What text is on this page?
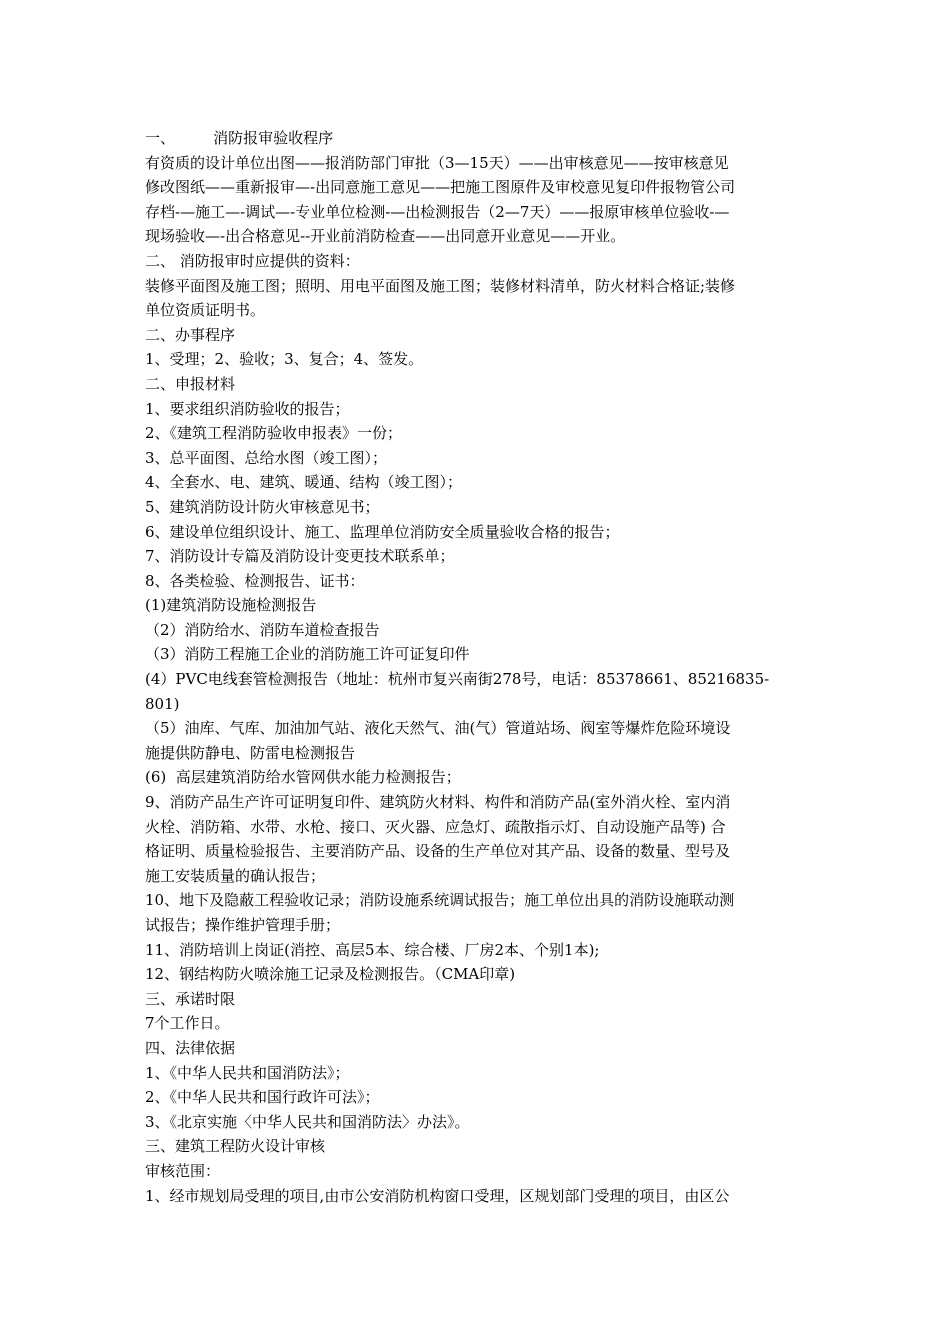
一、        消防报审验收程序
有资质的设计单位出图——报消防部门审批（3—15天）——出审核意见——按审核意见
修改图纸——重新报审—-出同意施工意见——把施工图原件及审校意见复印件报物管公司
存档-—施工—-调试—-专业单位检测-—出检测报告（2—7天）——报原审核单位验收-—
现场验收—-出合格意见--开业前消防检查——出同意开业意见——开业。
二、 消防报审时应提供的资料：
装修平面图及施工图；照明、用电平面图及施工图；装修材料清单，防火材料合格证;装修
单位资质证明书。
二、办事程序
1、受理；2、验收；3、复合；4、签发。
二、申报材料
1、要求组织消防验收的报告；
2、《建筑工程消防验收申报表》一份；
3、总平面图、总给水图（竣工图）；
4、全套水、电、建筑、暖通、结构（竣工图）；
5、建筑消防设计防火审核意见书；
6、建设单位组织设计、施工、监理单位消防安全质量验收合格的报告；
7、消防设计专篇及消防设计变更技术联系单；
8、各类检验、检测报告、证书：
(1)建筑消防设施检测报告
（2）消防给水、消防车道检查报告
（3）消防工程施工企业的消防施工许可证复印件
(4）PVC电线套管检测报告（地址：杭州市复兴南街278号，电话：85378661、85216835-
801)
（5）油库、气库、加油加气站、液化天然气、油(气）管道站场、阀室等爆炸危险环境设
施提供防静电、防雷电检测报告
(6)  高层建筑消防给水管网供水能力检测报告；
9、消防产品生产许可证明复印件、建筑防火材料、构件和消防产品(室外消火栓、室内消
火栓、消防箱、水带、水枪、接口、灭火器、应急灯、疏散指示灯、自动设施产品等) 合
格证明、质量检验报告、主要消防产品、设备的生产单位对其产品、设备的数量、型号及
施工安装质量的确认报告；
10、地下及隐蔽工程验收记录；消防设施系统调试报告；施工单位出具的消防设施联动测
试报告；操作维护管理手册；
11、消防培训上岗证(消控、高层5本、综合楼、厂房2本、个别1本);
12、钢结构防火喷涂施工记录及检测报告。（CMA印章)
三、承诺时限
7个工作日。
四、法律依据
1、《中华人民共和国消防法》；
2、《中华人民共和国行政许可法》；
3、《北京实施〈中华人民共和国消防法〉办法》。
三、建筑工程防火设计审核
审核范围：
1、经市规划局受理的项目,由市公安消防机构窗口受理，区规划部门受理的项目，由区公
